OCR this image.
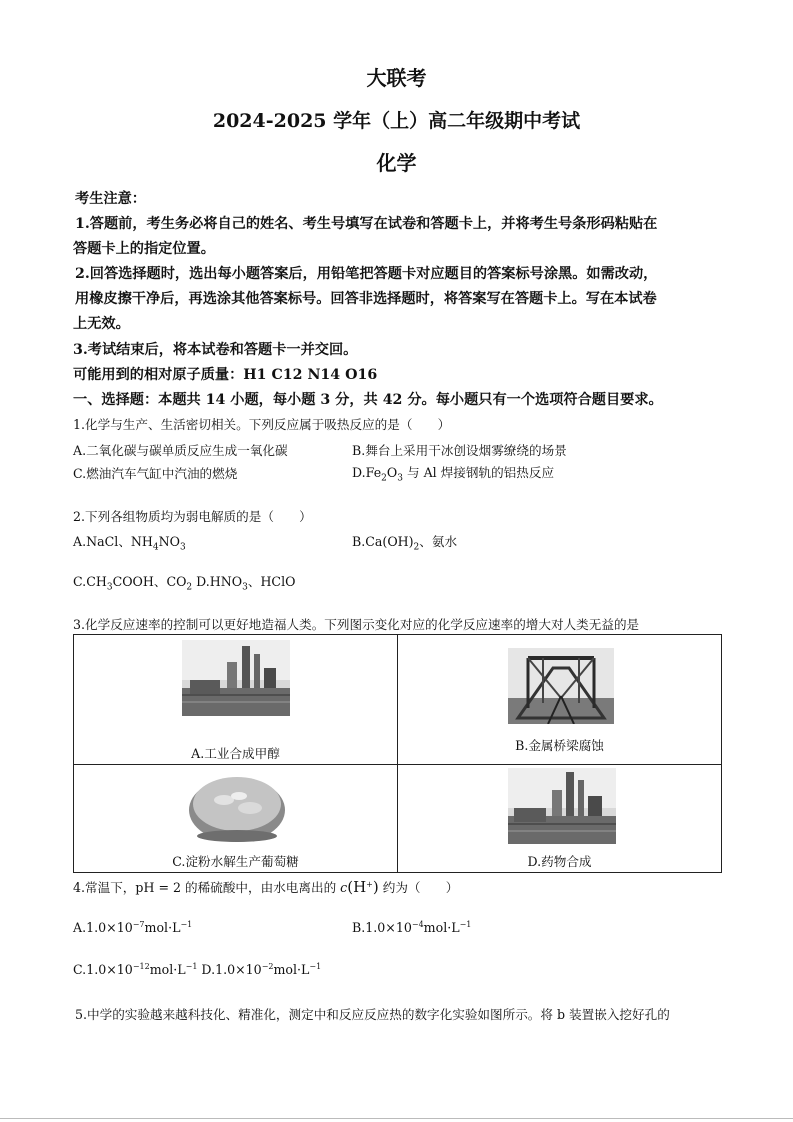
大联考
2024-2025 学年（上）高二年级期中考试
化学
考生注意：
1.答题前，考生务必将自己的姓名、考生号填写在试卷和答题卡上，并将考生号条形码粘贴在
答题卡上的指定位置。
2.回答选择题时，选出每小题答案后，用铅笔把答题卡对应题目的答案标号涂黑。如需改动，
用橡皮擦干净后，再选涂其他答案标号。回答非选择题时，将答案写在答题卡上。写在本试卷
上无效。
3.考试结束后，将本试卷和答题卡一并交回。
可能用到的相对原子质量：H1 C12 N14 O16
一、选择题：本题共 14 小题，每小题 3 分，共 42 分。每小题只有一个选项符合题目要求。
1.化学与生产、生活密切相关。下列反应属于吸热反应的是（　　）
A.二氧化碳与碳单质反应生成一氧化碳	B.舞台上采用干冰创设烟雾缭绕的场景
C.燃油汽车气缸中汽油的燃烧	$D.Fe_2O_3$ 与 Al 焊接钢轨的铝热反应
2.下列各组物质均为弱电解质的是（　　）
A.NaCl、$NH_4NO_3$	$B.Ca(OH)_2$、氨水
$C.CH_3COOH$、$CO_2$ $D.HNO_3$、HClO
3.化学反应速率的控制可以更好地造福人类。下列图示变化对应的化学反应速率的增大对人类无益的是
A.工业合成甲醇	B.金属桥梁腐蚀

C.淀粉水解生产葡萄糖	D.药物合成
4.常温下，pH = 2 的稀硫酸中，由水电离出的 c(H+) 约为（　　）
$A.1.0\times 10^{-7}mol\cdot L^{-1}$	$B.1.0\times 10^{-4}mol\cdot L^{-1}$
$C.1.0\times 10^{-12}mol\cdot L^{-1}$ $D.1.0\times 10^{-2}mol\cdot L^{-1}$
5.中学的实验越来越科技化、精准化，测定中和反应反应热的数字化实验如图所示。将 b 装置嵌入挖好孔的
